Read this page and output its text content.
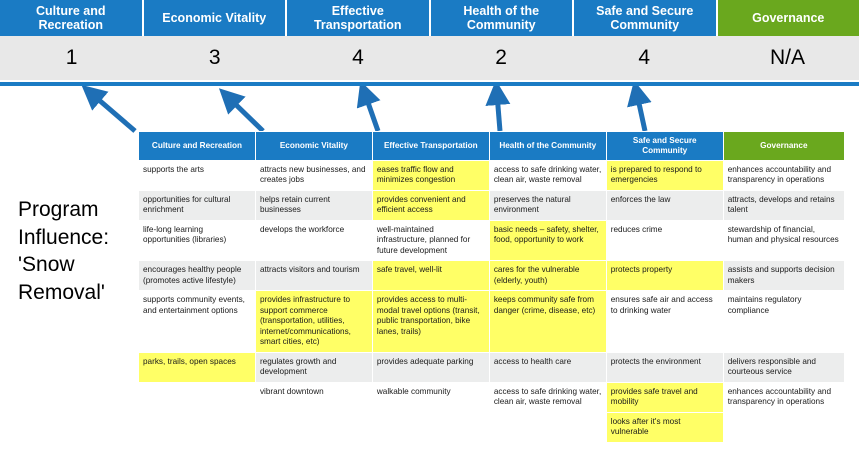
Culture and Recreation
Economic Vitality
Effective Transportation
Health of the Community
Safe and Secure Community
Governance
1	3	4	2	4	N/A
Program Influence: 'Snow Removal'
Culture and Recreation	Economic Vitality	Effective Transportation	Health of the Community	Safe and Secure Community	Governance
supports the arts	attracts new businesses, and creates jobs	eases traffic flow and minimizes congestion	access to safe drinking water, clean air, waste removal	is prepared to respond to emergencies	enhances accountability and transparency in operations
opportunities for cultural enrichment	helps retain current businesses	provides convenient and efficient access	preserves the natural environment	enforces the law	attracts, develops and retains talent
life-long learning opportunities (libraries)	develops the workforce	well-maintained infrastructure, planned for future development	basic needs – safety, shelter, food, opportunity to work	reduces crime	stewardship of financial, human and physical resources
encourages healthy people (promotes active lifestyle)	attracts visitors and tourism	safe travel, well-lit	cares for the vulnerable (elderly, youth)	protects property	assists and supports decision makers
supports community events, and entertainment options	provides infrastructure to support commerce (transportation, utilities, internet/communications, smart cities, etc)	provides access to multi-modal travel options (transit, public transportation, bike lanes, trails)	keeps community safe from danger (crime, disease, etc)	ensures safe air and access to drinking water	maintains regulatory compliance
parks, trails, open spaces	regulates growth and development	provides adequate parking	access to health care	protects the environment	delivers responsible and courteous service
	vibrant downtown	walkable community	access to safe drinking water, clean air, waste removal	provides safe travel and mobility	enhances accountability and transparency in operations
				looks after it's most vulnerable	
